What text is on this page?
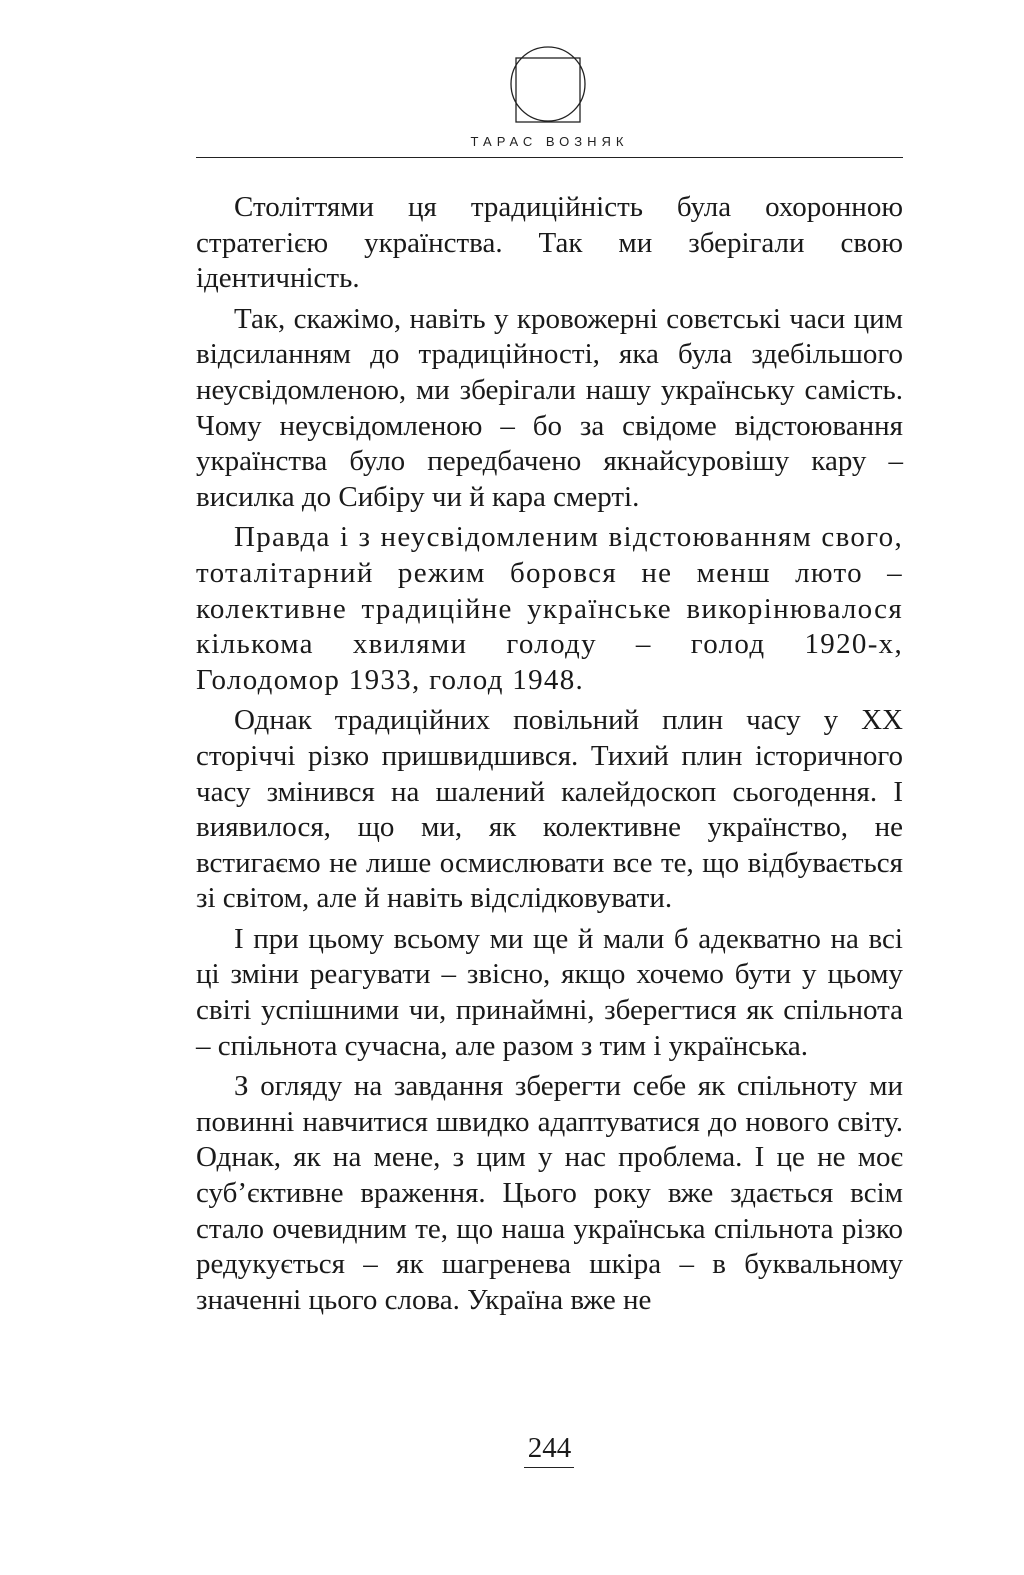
ТАРАС ВОЗНЯК

Століттями ця традиційність була охоронною стратегією українства. Так ми зберігали свою ідентичність.

Так, скажімо, навіть у кровожерні совєтські часи цим відсиланням до традиційності, яка була здебільшого неусвідомленою, ми зберігали нашу українську самість. Чому неусвідомленою – бо за свідоме відстоювання українства було передбачено якнайсуровішу кару – висилка до Сибіру чи й кара смерті.

Правда і з неусвідомленим відстоюванням свого, тоталітарний режим боровся не менш люто – колективне традиційне українське викорінювалося кількома хвилями голоду – голод 1920-х, Голодомор 1933, голод 1948.

Однак традиційних повільний плин часу у XX сторіччі різко пришвидшився. Тихий плин історичного часу змінився на шалений калейдоскоп сьогодення. І виявилося, що ми, як колективне українство, не встигаємо не лише осмислювати все те, що відбувається зі світом, але й навіть відслідковувати.

І при цьому всьому ми ще й мали б адекватно на всі ці зміни реагувати – звісно, якщо хочемо бути у цьому світі успішними чи, принаймні, зберегтися як спільнота – спільнота сучасна, але разом з тим і українська.

З огляду на завдання зберегти себе як спільноту ми повинні навчитися швидко адаптуватися до нового світу. Однак, як на мене, з цим у нас проблема. І це не моє суб’єктивне враження. Цього року вже здається всім стало очевидним те, що наша українська спільнота різко редукується – як шагренева шкіра – в буквальному значенні цього слова. Україна вже не

244
